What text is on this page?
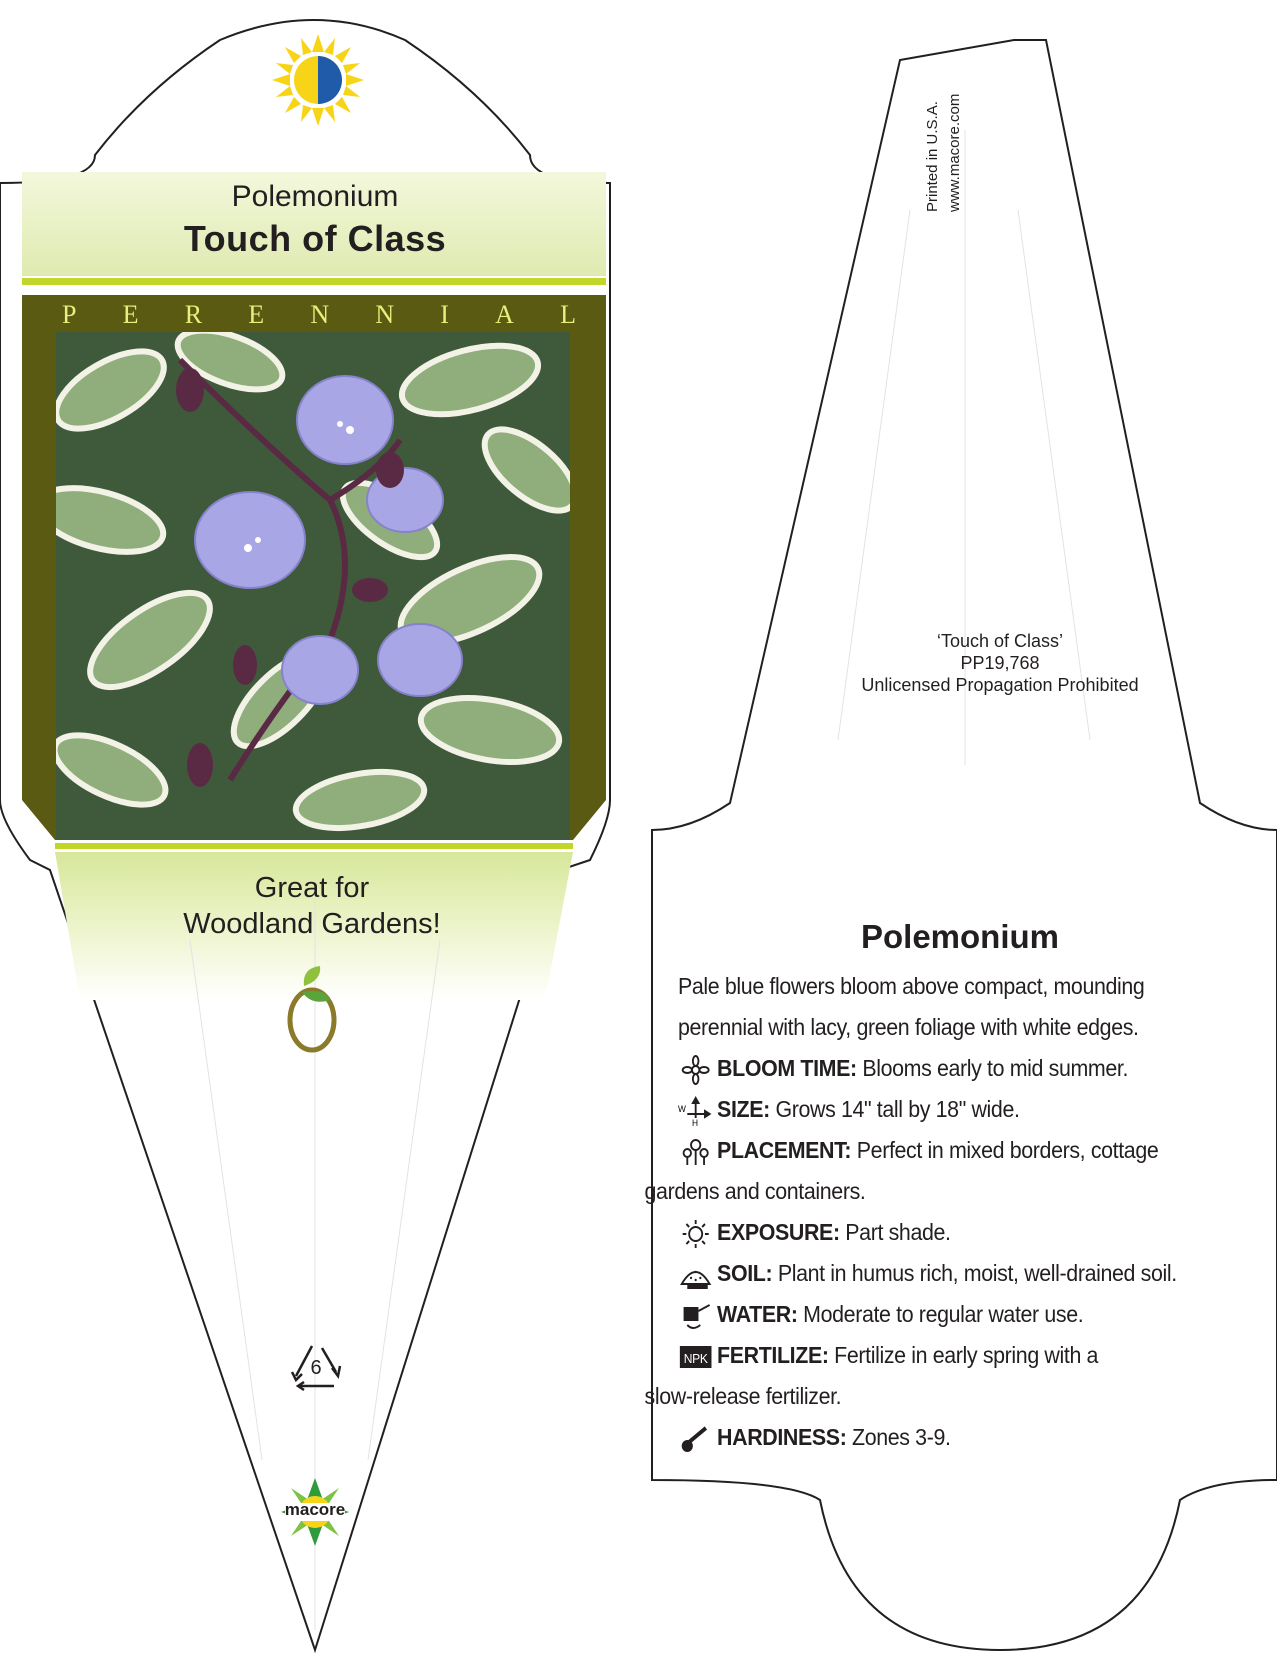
Polemonium
Touch of Class
P E R E N N I A L
Great for
Woodland Gardens!
6
macore
Printed in U.S.A. www.macore.com
‘Touch of Class’
PP19,768
Unlicensed Propagation Prohibited
Polemonium
Pale blue flowers bloom above compact, mounding
perennial with lacy, green foliage with white edges.
BLOOM TIME: Blooms early to mid summer.
W
H
SIZE: Grows 14" tall by 18" wide.
PLACEMENT: Perfect in mixed borders, cottage
gardens and containers.
EXPOSURE: Part shade.
SOIL: Plant in humus rich, moist, well-drained soil.
WATER: Moderate to regular water use.
NPK FERTILIZE: Fertilize in early spring with a
slow-release fertilizer.
HARDINESS: Zones 3-9.
